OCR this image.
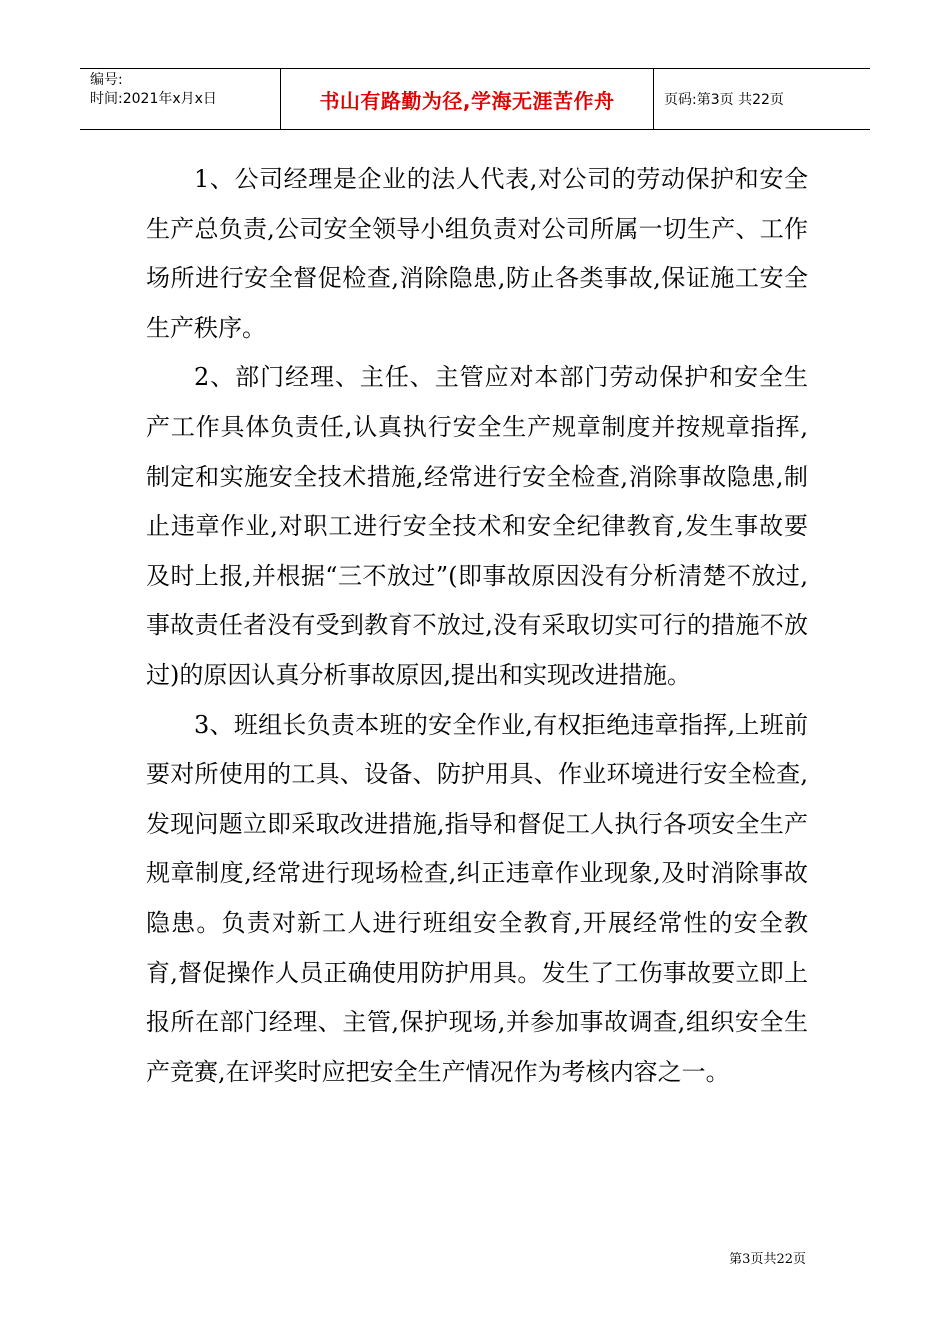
编号:
时间:2021年x月x日	书山有路勤为径,学海无涯苦作舟	页码:第3页 共22页

1、公司经理是企业的法人代表,对公司的劳动保护和安全生产总负责,公司安全领导小组负责对公司所属一切生产、工作场所进行安全督促检查,消除隐患,防止各类事故,保证施工安全生产秩序。

2、部门经理、主任、主管应对本部门劳动保护和安全生产工作具体负责任,认真执行安全生产规章制度并按规章指挥,制定和实施安全技术措施,经常进行安全检查,消除事故隐患,制止违章作业,对职工进行安全技术和安全纪律教育,发生事故要及时上报,并根据“三不放过”(即事故原因没有分析清楚不放过,事故责任者没有受到教育不放过,没有采取切实可行的措施不放过)的原因认真分析事故原因,提出和实现改进措施。

3、班组长负责本班的安全作业,有权拒绝违章指挥,上班前要对所使用的工具、设备、防护用具、作业环境进行安全检查,发现问题立即采取改进措施,指导和督促工人执行各项安全生产规章制度,经常进行现场检查,纠正违章作业现象,及时消除事故隐患。负责对新工人进行班组安全教育,开展经常性的安全教育,督促操作人员正确使用防护用具。发生了工伤事故要立即上报所在部门经理、主管,保护现场,并参加事故调查,组织安全生产竞赛,在评奖时应把安全生产情况作为考核内容之一。

第3页共22页
